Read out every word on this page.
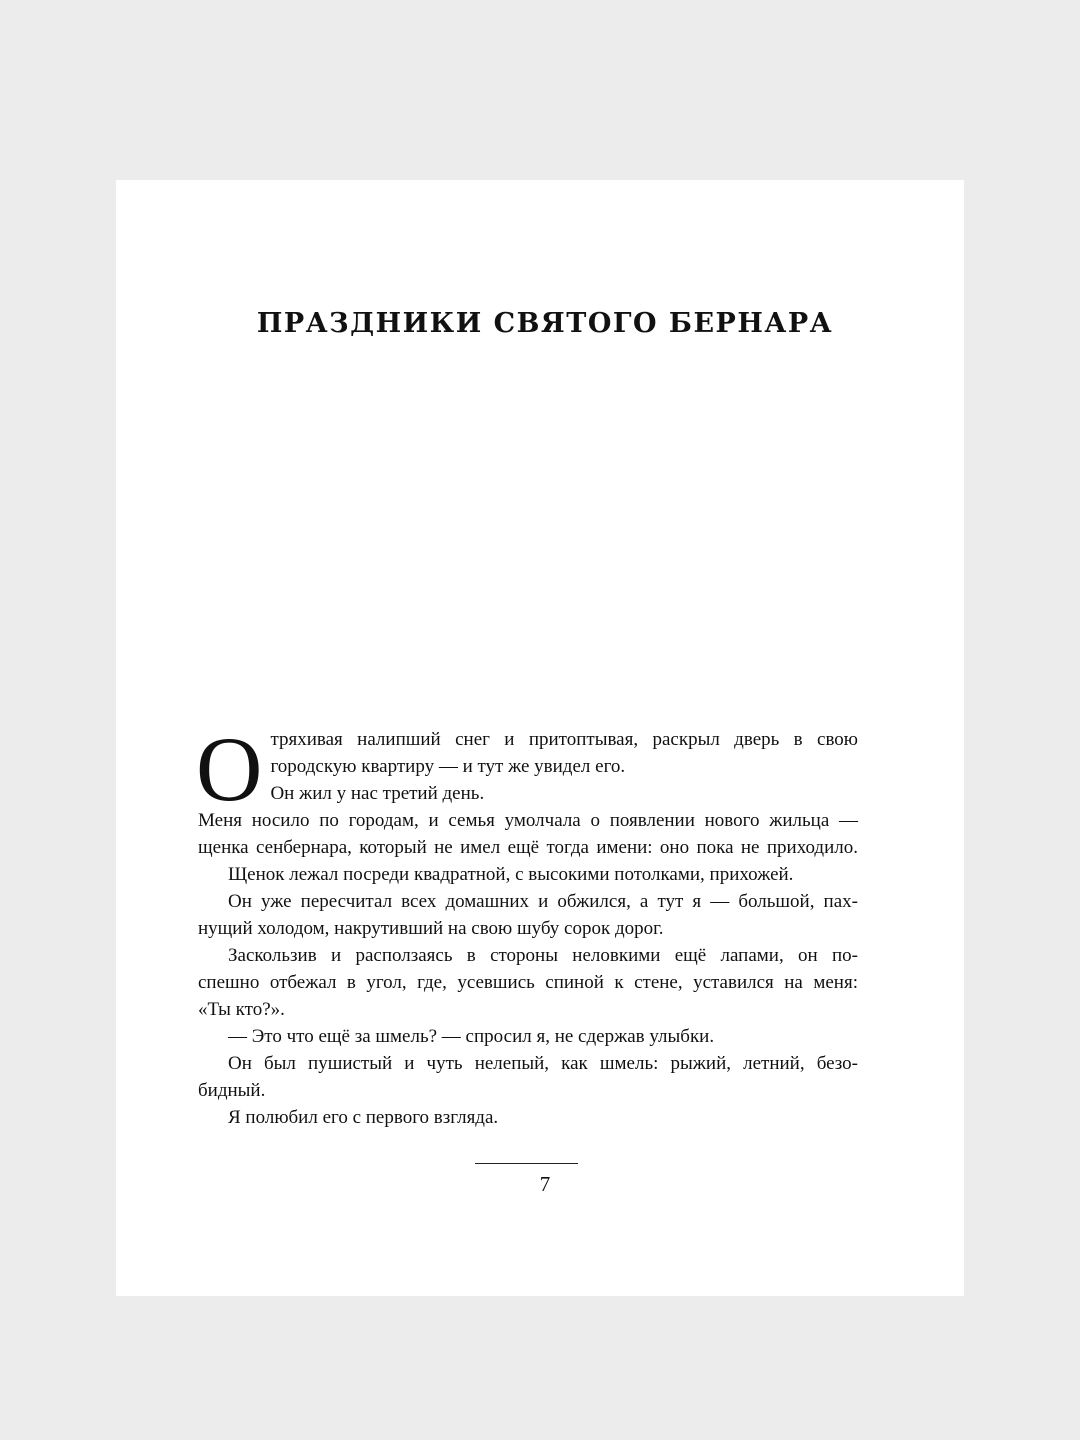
ПРАЗДНИКИ СВЯТОГО БЕРНАРА
О тряхивая налипший снег и притоптывая, раскрыл дверь в свою
городскую квартиру — и тут же увидел его.
Он жил у нас третий день.
Меня носило по городам, и семья умолчала о появлении нового жильца —
щенка сенбернара, который не имел ещё тогда имени: оно пока не приходило.
Щенок лежал посреди квадратной, с высокими потолками, прихожей.
Он уже пересчитал всех домашних и обжился, а тут я — большой, пах-
нущий холодом, накрутивший на свою шубу сорок дорог.
Заскользив и расползаясь в стороны неловкими ещё лапами, он по-
спешно отбежал в угол, где, усевшись спиной к стене, уставился на меня:
«Ты кто?».
— Это что ещё за шмель? — спросил я, не сдержав улыбки.
Он был пушистый и чуть нелепый, как шмель: рыжий, летний, безо-
бидный.
Я полюбил его с первого взгляда.
7
